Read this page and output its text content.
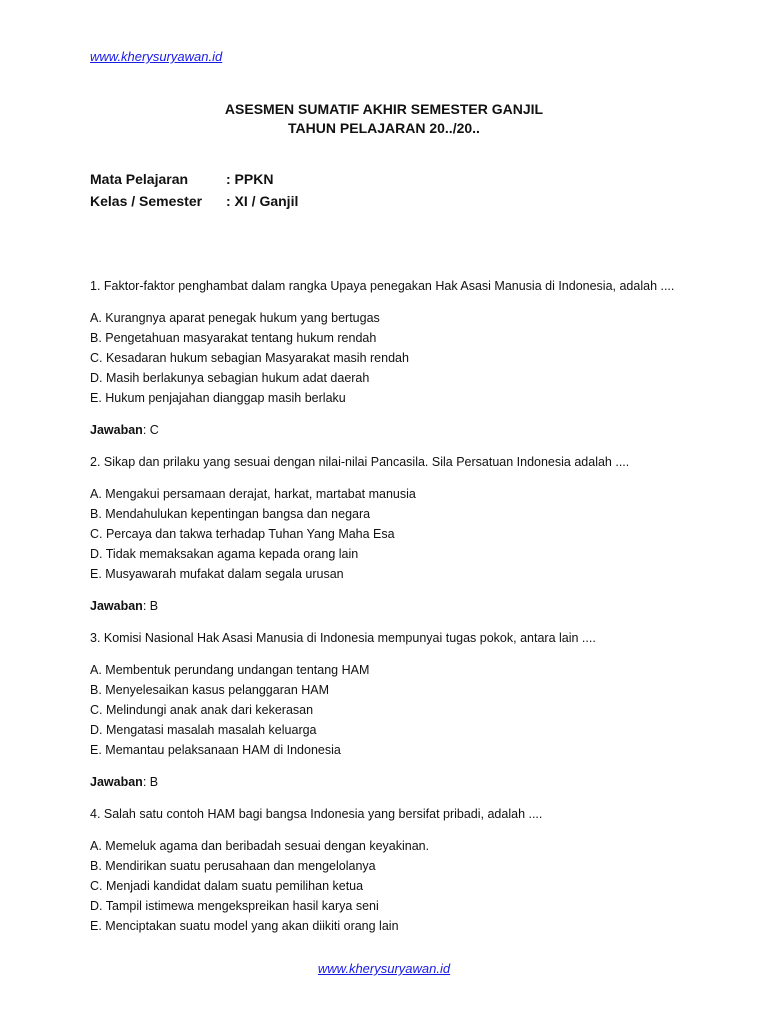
www.kherysuryawan.id
ASESMEN SUMATIF AKHIR SEMESTER GANJIL
TAHUN PELAJARAN 20../20..
Mata Pelajaran	: PPKN
Kelas / Semester	: XI / Ganjil
1. Faktor-faktor penghambat dalam rangka Upaya penegakan Hak Asasi Manusia di Indonesia, adalah ....
A. Kurangnya aparat penegak hukum yang bertugas
B. Pengetahuan masyarakat tentang hukum rendah
C. Kesadaran hukum sebagian Masyarakat masih rendah
D. Masih berlakunya sebagian hukum adat daerah
E. Hukum penjajahan dianggap masih berlaku
Jawaban: C
2. Sikap dan prilaku yang sesuai dengan nilai-nilai Pancasila. Sila Persatuan Indonesia adalah ....
A. Mengakui persamaan derajat, harkat, martabat manusia
B. Mendahulukan kepentingan bangsa dan negara
C. Percaya dan takwa terhadap Tuhan Yang Maha Esa
D. Tidak memaksakan agama kepada orang lain
E. Musyawarah mufakat dalam segala urusan
Jawaban: B
3. Komisi Nasional Hak Asasi Manusia di Indonesia mempunyai tugas pokok, antara lain ....
A. Membentuk perundang undangan tentang HAM
B. Menyelesaikan kasus pelanggaran HAM
C. Melindungi anak anak dari kekerasan
D. Mengatasi masalah masalah keluarga
E. Memantau pelaksanaan HAM di Indonesia
Jawaban: B
4. Salah satu contoh HAM bagi bangsa Indonesia yang bersifat pribadi, adalah ....
A. Memeluk agama dan beribadah sesuai dengan keyakinan.
B. Mendirikan suatu perusahaan dan mengelolanya
C. Menjadi kandidat dalam suatu pemilihan ketua
D. Tampil istimewa mengekspreikan hasil karya seni
E. Menciptakan suatu model yang akan diikiti orang lain
www.kherysuryawan.id
